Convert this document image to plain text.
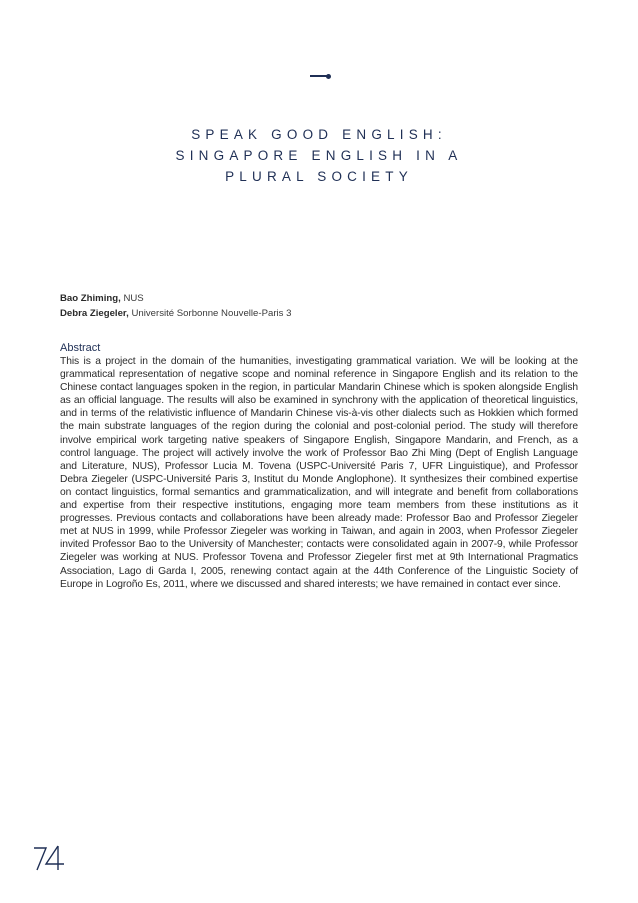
SPEAK GOOD ENGLISH:
SINGAPORE ENGLISH IN A
PLURAL SOCIETY
Bao Zhiming, NUS
Debra Ziegeler, Université Sorbonne Nouvelle-Paris 3
Abstract
This is a project in the domain of the humanities, investigating grammatical variation. We will be looking at the grammatical representation of negative scope and nominal reference in Singapore English and its relation to the Chinese contact languages spoken in the region, in particular Mandarin Chinese which is spoken alongside English as an official language. The results will also be examined in synchrony with the application of theoretical linguistics, and in terms of the relativistic influence of Mandarin Chinese vis-à-vis other dialects such as Hokkien which formed the main substrate languages of the region during the colonial and post-colonial period. The study will therefore involve empirical work targeting native speakers of Singapore English, Singapore Mandarin, and French, as a control language. The project will actively involve the work of Professor Bao Zhi Ming (Dept of English Language and Literature, NUS), Professor Lucia M. Tovena (USPC-Université Paris 7, UFR Linguistique), and Professor Debra Ziegeler (USPC-Université Paris 3, Institut du Monde Anglophone). It synthesizes their combined expertise on contact linguistics, formal semantics and grammaticalization, and will integrate and benefit from collaborations and expertise from their respective institutions, engaging more team members from these institutions as it progresses. Previous contacts and collaborations have been already made: Professor Bao and Professor Ziegeler met at NUS in 1999, while Professor Ziegeler was working in Taiwan, and again in 2003, when Professor Ziegeler invited Professor Bao to the University of Manchester; contacts were consolidated again in 2007-9, while Professor Ziegeler was working at NUS. Professor Tovena and Professor Ziegeler first met at 9th International Pragmatics Association, Lago di Garda I, 2005, renewing contact again at the 44th Conference of the Linguistic Society of Europe in Logroño Es, 2011, where we discussed and shared interests; we have remained in contact ever since.
